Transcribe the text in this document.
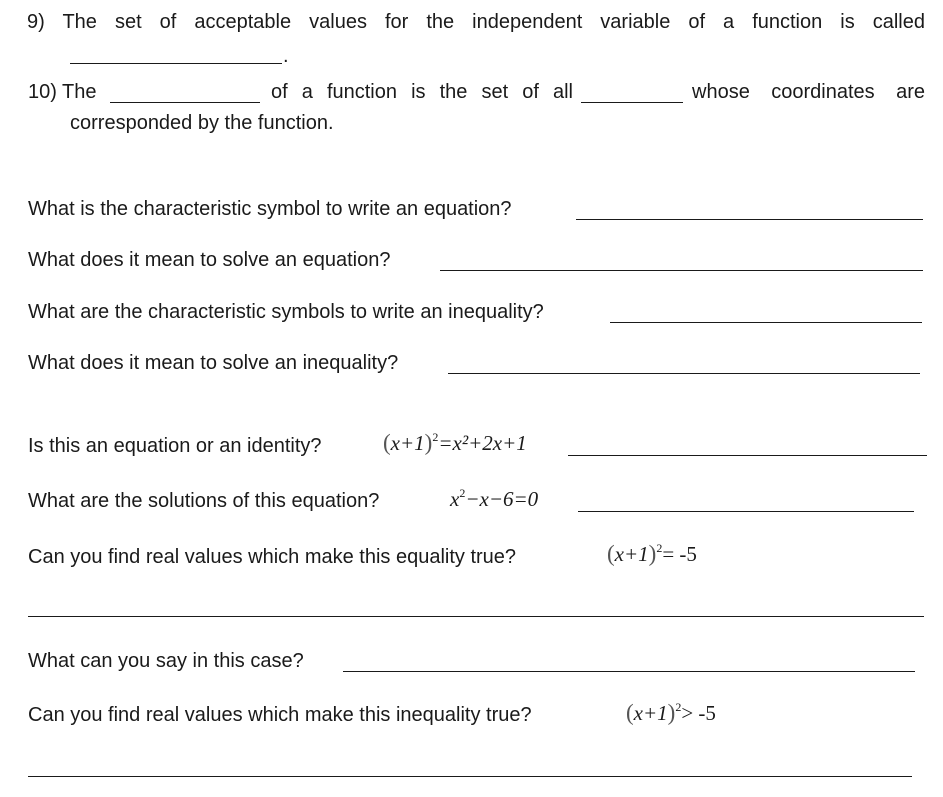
9) The set of acceptable values for the independent variable of a function is called
.
10) The	of a function is the set of all	whose coordinates are
corresponded by the function.
What is the characteristic symbol to write an equation?
What does it mean to solve an equation?
What are the characteristic symbols to write an inequality?
What does it mean to solve an inequality?
Is this an equation or an identity?	$(x+1)^2=x^2+2x+1$
What are the solutions of this equation?	$x^2-x-6=0$
Can you find real values which make this equality true?	$(x+1)^2= -5$
What can you say in this case?
Can you find real values which make this inequality true?	$(x+1)^2> -5$
